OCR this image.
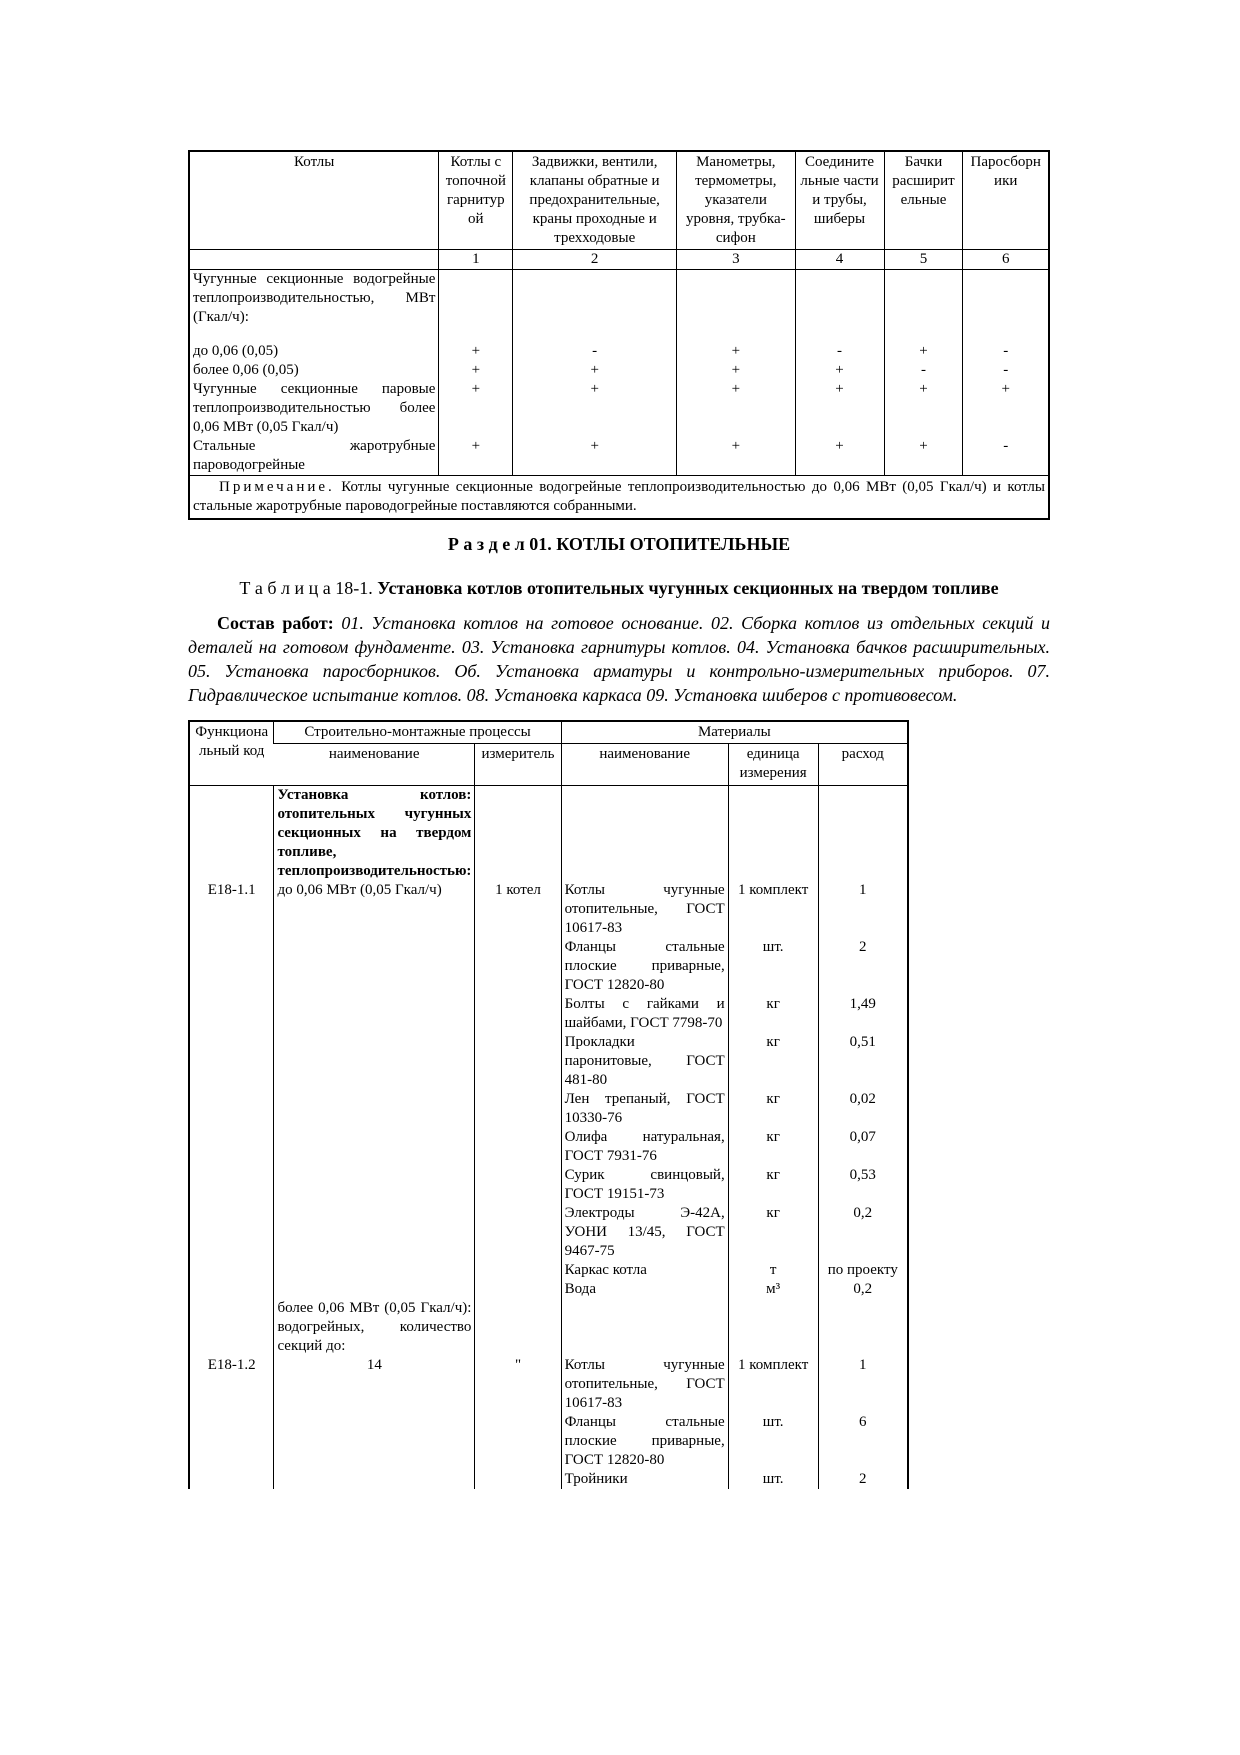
Котлы	Котлы с топочной гарнитур ой	Задвижки, вентили, клапаны обратные и предохранительные, краны проходные и трехходовые	Манометры, термометры, указатели уровня, трубка-сифон	Соедините льные части и трубы, шиберы	Бачки расширит ельные	Паросборн ики
	1	2	3	4	5	6
Чугунные секционные водогрейные теплопроизводительностью, МВт (Гкал/ч):						
до 0,06 (0,05)	+	-	+	-	+	-
более 0,06 (0,05)	+	+	+	+	-	-
Чугунные секционные паровые теплопроизводительностью более 0,06 МВт (0,05 Гкал/ч)	+	+	+	+	+	+
Стальные жаротрубные пароводогрейные	+	+	+	+	+	-
Примечание. Котлы чугунные секционные водогрейные теплопроизводительностью до 0,06 МВт (0,05 Гкал/ч) и котлы стальные жаротрубные пароводогрейные поставляются собранными.						
Р а з д е л 01. КОТЛЫ ОТОПИТЕЛЬНЫЕ
Т а б л и ц а 18-1. Установка котлов отопительных чугунных секционных на твердом топливе
Состав работ: 01. Установка котлов на готовое основание. 02. Сборка котлов из отдельных секций и деталей на готовом фундаменте. 03. Установка гарнитуры котлов. 04. Установка бачков расширительных. 05. Установка паросборников. Об. Установка арматуры и контрольно-измерительных приборов. 07. Гидравлическое испытание котлов. 08. Установка каркаса 09. Установка шиберов с противовесом.
Функциона льный код	Строительно-монтажные процессы		Материалы		
	наименование	измеритель	наименование	единица измерения	расход
	Установка котлов: отопительных чугунных секционных на твердом топливе, теплопроизводительностью:				
E18-1.1	до 0,06 МВт (0,05 Гкал/ч)	1 котел	Котлы чугунные отопительные, ГОСТ 10617-83	1 комплект	1
			Фланцы стальные плоские приварные, ГОСТ 12820-80	шт.	2
			Болты с гайками и шайбами, ГОСТ 7798-70	кг	1,49
			Прокладки паронитовые, ГОСТ 481-80	кг	0,51
			Лен трепаный, ГОСТ 10330-76	кг	0,02
			Олифа натуральная, ГОСТ 7931-76	кг	0,07
			Сурик свинцовый, ГОСТ 19151-73	кг	0,53
			Электроды Э-42А, УОНИ 13/45, ГОСТ 9467-75	кг	0,2
			Каркас котла	т	по проекту
			Вода	м³	0,2
	более 0,06 МВт (0,05 Гкал/ч): водогрейных, количество секций до:				
E18-1.2	14	"	Котлы чугунные отопительные, ГОСТ 10617-83	1 комплект	1
			Фланцы стальные плоские приварные, ГОСТ 12820-80	шт.	6
			Тройники	шт.	2
